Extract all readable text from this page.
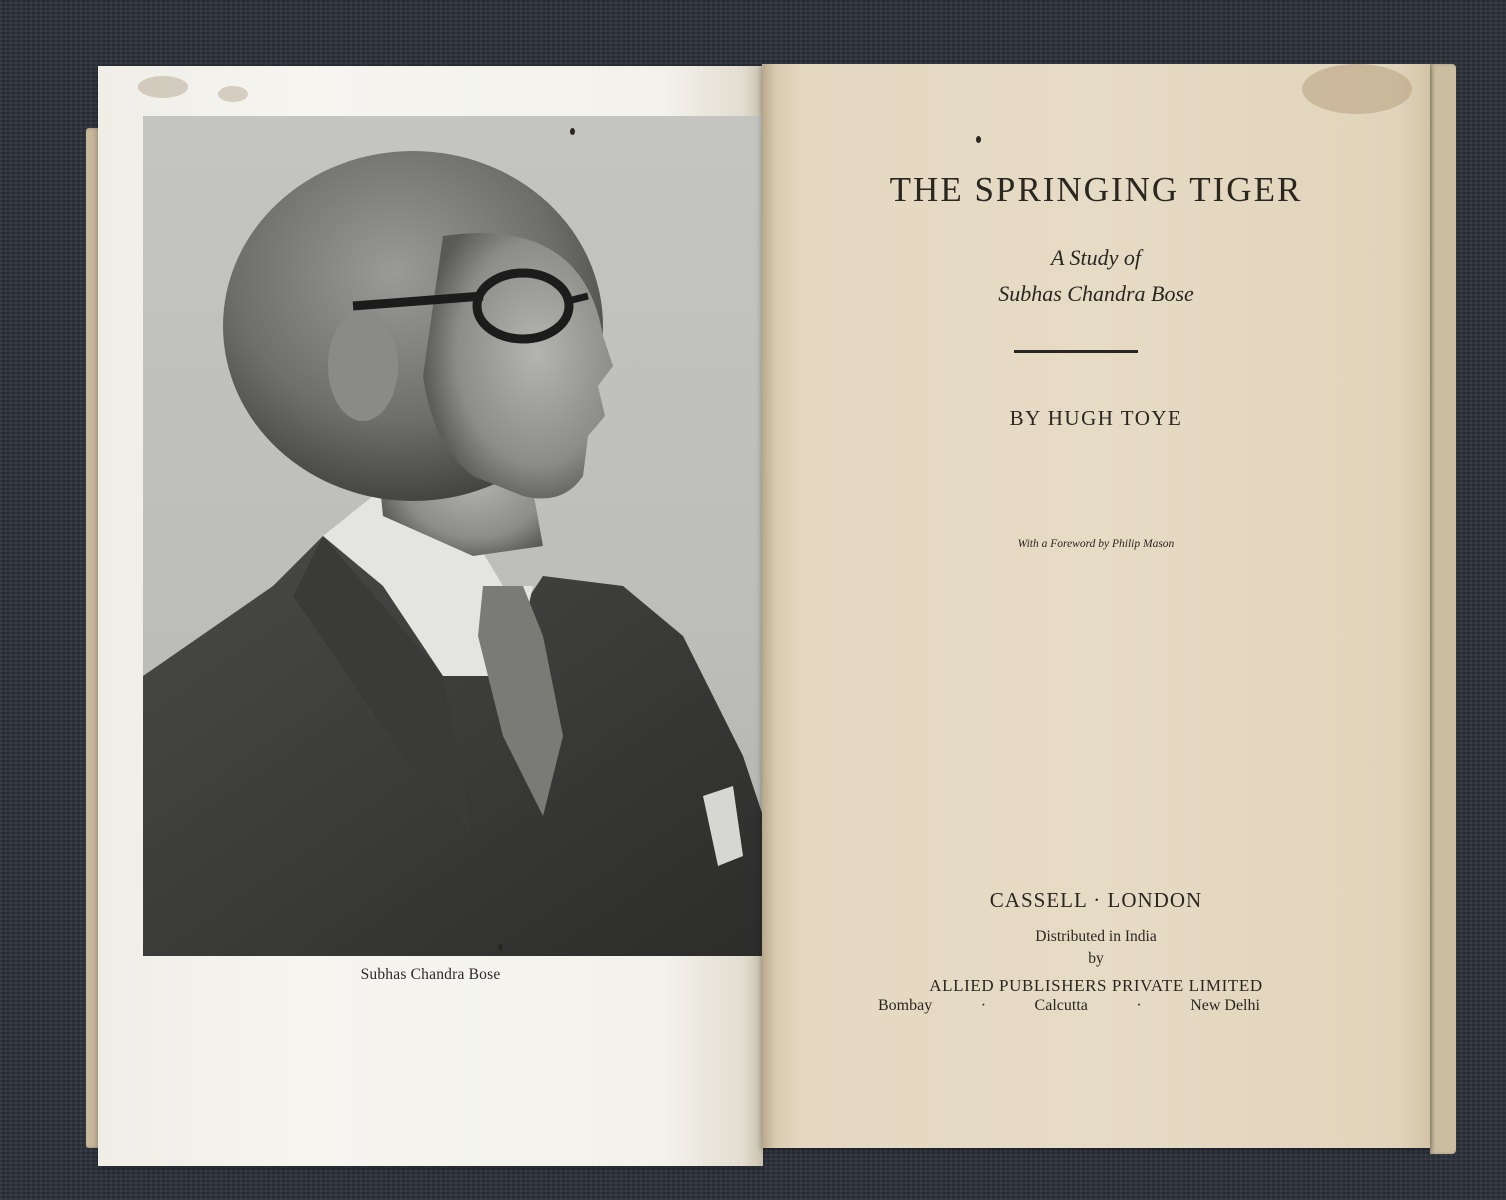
Subhas Chandra Bose
THE SPRINGING TIGER
A Study of
Subhas Chandra Bose
BY HUGH TOYE
With a Foreword by Philip Mason
CASSELL · LONDON
Distributed in India
by
ALLIED PUBLISHERS PRIVATE LIMITED
Bombay	·	Calcutta	·	New Delhi
